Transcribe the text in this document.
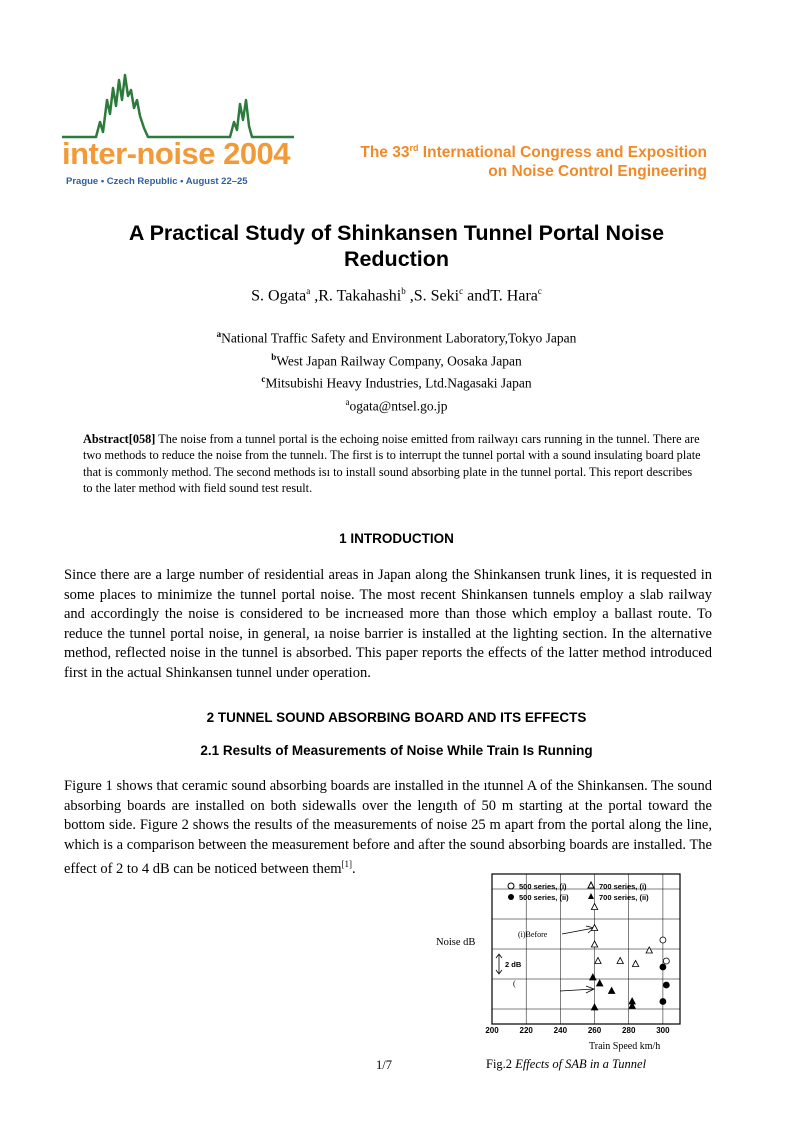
inter-noise 2004
Prague • Czech Republic • August 22–25
The 33rd International Congress and Exposition
on Noise Control Engineering
A Practical Study of Shinkansen Tunnel Portal Noise
Reduction
S. Ogata$^a$ ,R. Takahashi$^b$ ,S. Seki$^c$ andT. Hara$^c$
$^a$National Traffic Safety and Environment Laboratory,Tokyo Japan
$^b$West Japan Railway Company, Oosaka Japan
$^c$Mitsubishi Heavy Industries, Ltd.Nagasaki Japan
$^a$ogata@ntsel.go.jp
Abstract[058] The noise from a tunnel portal is the echoing noise emitted from railwayı cars running in the tunnel. There are two methods to reduce the noise from the tunnelı. The first is to interrupt the tunnel portal with a sound insulating board plate that is commonly method. The second methods isı to install sound absorbing plate in the tunnel portal. This report describes to the later method with field sound test result.
1 INTRODUCTION
Since there are a large number of residential areas in Japan along the Shinkansen trunk lines, it is requested in some places to minimize the tunnel portal noise. The most recent Shinkansen tunnels employ a slab railway and accordingly the noise is considered to be incrıeased more than those which employ a ballast route. To reduce the tunnel portal noise, in general, ıa noise barrier is installed at the lighting section. In the alternative method, reflected noise in the tunnel is absorbed. This paper reports the effects of the latter method introduced first in the actual Shinkansen tunnel under operation.
2 TUNNEL SOUND ABSORBING BOARD AND ITS EFFECTS
2.1 Results of Measurements of Noise While Train Is Running
Figure 1 shows that ceramic sound absorbing boards are installed in the ıtunnel A of the Shinkansen. The sound absorbing boards are installed on both sidewalls over the lengıth of 50 m starting at the portal toward the bottom side. Figure 2 shows the results of the measurements of noise 25 m apart from the portal along the line, which is a comparison between the measurement before and after the sound absorbing boards are installed. The effect of 2 to 4 dB can be noticed between them[1].
Noise dB
500 series, (i)
500 series, (ii)
700 series, (i)
700 series, (ii)
(i)Before
(
2 dB
200	220	240	260	280	300
Train Speed km/h
Fig.2 Effects of SAB in a Tunnel
1/7
